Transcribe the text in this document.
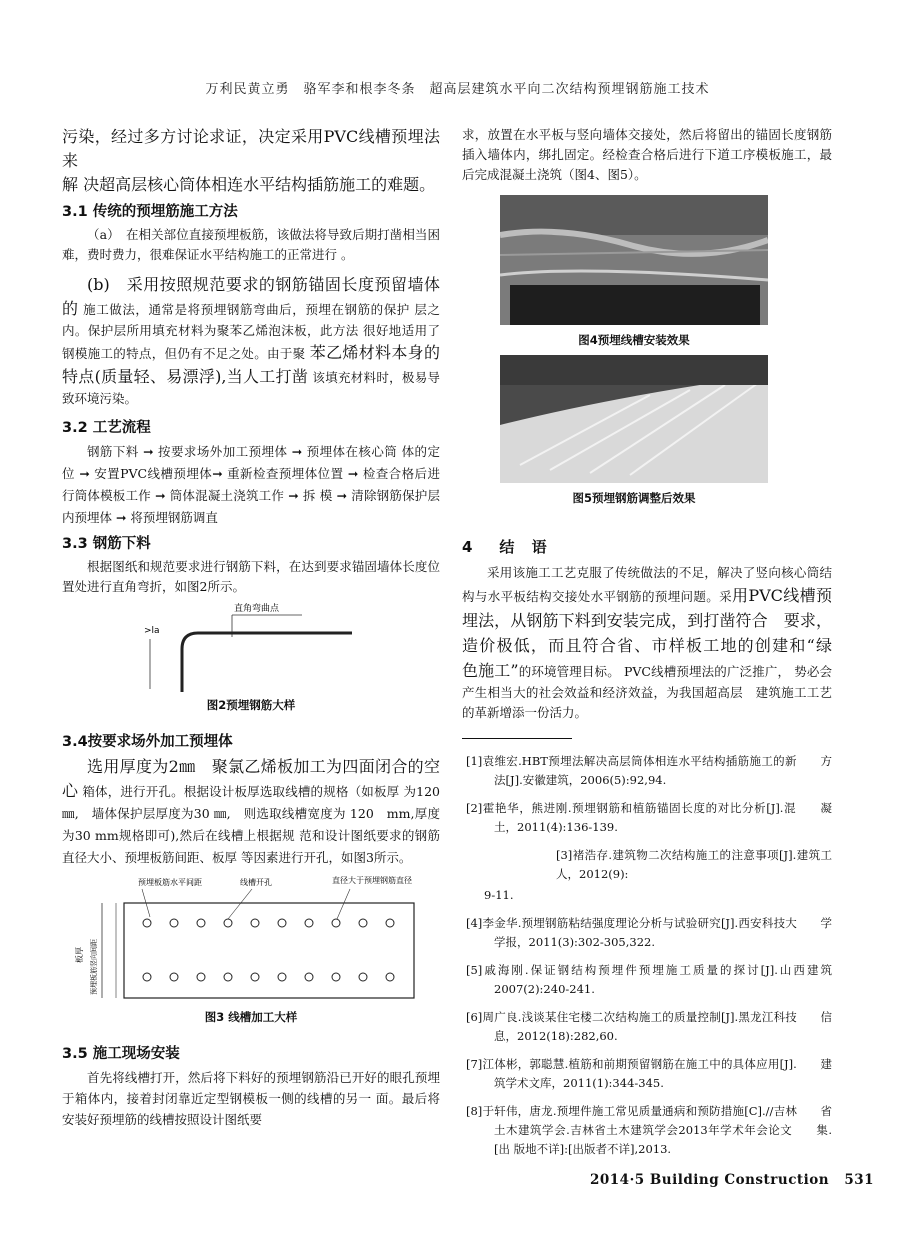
万利民黄立勇　骆军李和根李冬条　超高层建筑水平向二次结构预埋钢筋施工技术

污染，经过多方讨论求证，决定采用PVC线槽预埋法来

解 决超高层核心筒体相连水平结构插筋施工的难题。

3.1 传统的预埋筋施工方法

（a）　在相关部位直接预埋板筋，该做法将导致后期打凿相当困难，费时费力，很难保证水平结构施工的正常进行 。

(b)　采用按照规范要求的钢筋锚固长度预留墙体的 施工做法，通常是将预埋钢筋弯曲后，预埋在钢筋的保护 层之内。保护层所用填充材料为聚苯乙烯泡沫板，此方法 很好地适用了钢模施工的特点，但仍有不足之处。由于聚 苯乙烯材料本身的特点(质量轻、易漂浮),当人工打凿 该填充材料时，极易导致环境污染。

3.2 工艺流程

钢筋下料 ➞ 按要求场外加工预埋体 ➞ 预埋体在核心筒 体的定位 ➞ 安置PVC线槽预埋体➞ 重新检查预埋体位置 ➞ 检查合格后进行筒体模板工作 ➞ 筒体混凝土浇筑工作 ➞ 拆 模 ➞ 清除钢筋保护层内预埋体 ➞ 将预埋钢筋调直

3.3 钢筋下料

根据图纸和规范要求进行钢筋下料，在达到要求锚固墙体长度位置处进行直角弯折，如图2所示。

直角弯曲点
>la
图2预埋钢筋大样
3.4按要求场外加工预埋体

选用厚度为2㎜　聚氯乙烯板加工为四面闭合的空心 箱体，进行开孔。根据设计板厚选取线槽的规格（如板厚 为120 ㎜,　墙体保护层厚度为30 ㎜,　则选取线槽宽度为 120　mm,厚度为30 mm规格即可),然后在线槽上根据规 范和设计图纸要求的钢筋直径大小、预埋板筋间距、板厚 等因素进行开孔，如图3所示。

预埋板筋水平间距	线槽开孔	直径大于预埋钢筋直径
板厚 预埋板筋竖向间距
图3 线槽加工大样
3.5 施工现场安装

首先将线槽打开，然后将下料好的预埋钢筋沿已开好的眼孔预埋于箱体内，接着封闭靠近定型钢模板一侧的线槽的另一 面。最后将安装好预埋筋的线槽按照设计图纸要

求，放置在水平板与竖向墙体交接处，然后将留出的锚固长度钢筋插入墙体内，绑扎固定。经检查合格后进行下道工序模板施工，最后完成混凝土浇筑（图4、图5）。

图4预埋线槽安装效果
图5预埋钢筋调整后效果
4　结 语

采用该施工工艺克服了传统做法的不足，解决了竖向核心筒结构与水平板结构交接处水平钢筋的预埋问题。采用PVC线槽预埋法，从钢筋下料到安装完成，到打凿符合　要求，造价极低，而且符合省、市样板工地的创建和“绿　色施工”的环境管理目标。 PVC线槽预埋法的广泛推广， 势必会产生相当大的社会效益和经济效益，为我国超高层　建筑施工工艺的革新增添一份活力。

[1]袁维宏.HBT预埋法解决高层筒体相连水平结构插筋施工的新　　方法[J].安徽建筑，2006(5):92,94.
[2]霍艳华，熊进刚.预埋钢筋和植筋锚固长度的对比分析[J].混　　凝　土，2011(4):136-139.
[3]褚浩存.建筑物二次结构施工的注意事项[J].建筑工人，2012(9):
9-11.
[4]李金华.预埋钢筋粘结强度理论分析与试验研究[J].西安科技大　　学学报，2011(3):302-305,322.
[5]戚海刚.保证钢结构预埋件预埋施工质量的探讨[J].山西建筑　　2007(2):240-241.
[6]周广良.浅谈某住宅楼二次结构施工的质量控制[J].黑龙江科技　　信息，2012(18):282,60.
[7]江体彬，郭聪慧.植筋和前期预留钢筋在施工中的具体应用[J].　　建　筑学术文库，2011(1):344-345.
[8]于轩伟，唐龙.预埋件施工常见质量通病和预防措施[C].//吉林　　省　土木建筑学会.吉林省土木建筑学会2013年学术年会论文　　集.[出 版地不详]:[出版者不详],2013.
2014·5 Building Construction 531
